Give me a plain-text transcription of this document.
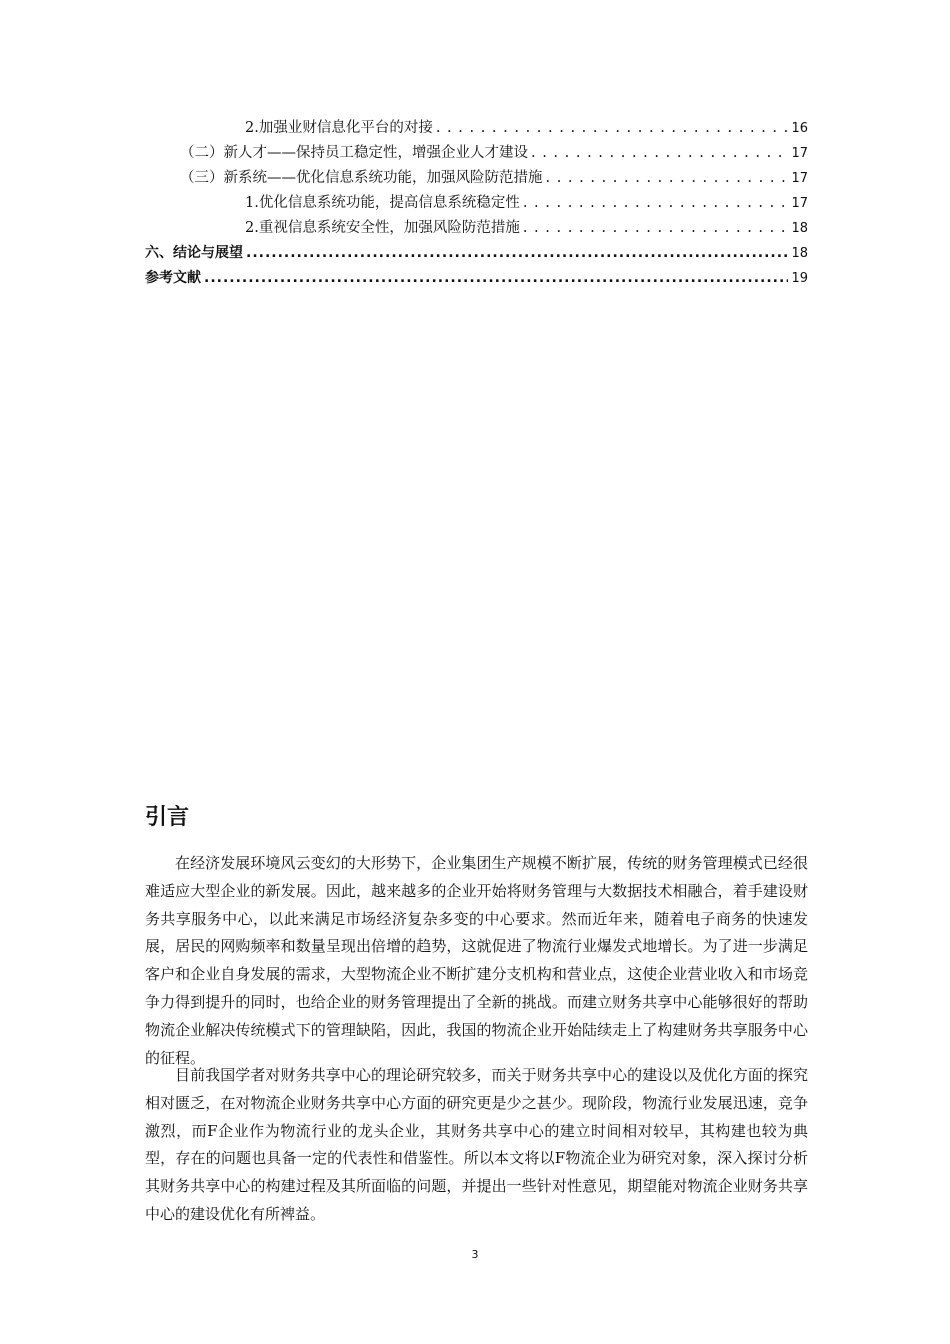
2.加强业财信息化平台的对接 . . .	16
（二）新人才——保持员工稳定性，增强企业人才建设 . . .	17
（三）新系统——优化信息系统功能，加强风险防范措施 . . .	17
1.优化信息系统功能，提高信息系统稳定性 . . .	17
2.重视信息系统安全性，加强风险防范措施 . . .	18
六、结论与展望 .....	18
参考文献 .....	19
引言

在经济发展环境风云变幻的大形势下，企业集团生产规模不断扩展，传统的财务管理模式已经很难适应大型企业的新发展。因此，越来越多的企业开始将财务管理与大数据技术相融合，着手建设财务共享服务中心，以此来满足市场经济复杂多变的中心要求。然而近年来，随着电子商务的快速发展，居民的网购频率和数量呈现出倍增的趋势，这就促进了物流行业爆发式地增长。为了进一步满足客户和企业自身发展的需求，大型物流企业不断扩建分支机构和营业点，这使企业营业收入和市场竞争力得到提升的同时，也给企业的财务管理提出了全新的挑战。而建立财务共享中心能够很好的帮助物流企业解决传统模式下的管理缺陷，因此，我国的物流企业开始陆续走上了构建财务共享服务中心的征程。

目前我国学者对财务共享中心的理论研究较多，而关于财务共享中心的建设以及优化方面的探究相对匮乏，在对物流企业财务共享中心方面的研究更是少之甚少。现阶段，物流行业发展迅速，竞争激烈，而F企业作为物流行业的龙头企业，其财务共享中心的建立时间相对较早，其构建也较为典型，存在的问题也具备一定的代表性和借鉴性。所以本文将以F物流企业为研究对象，深入探讨分析其财务共享中心的构建过程及其所面临的问题，并提出一些针对性意见，期望能对物流企业财务共享中心的建设优化有所裨益。

3
